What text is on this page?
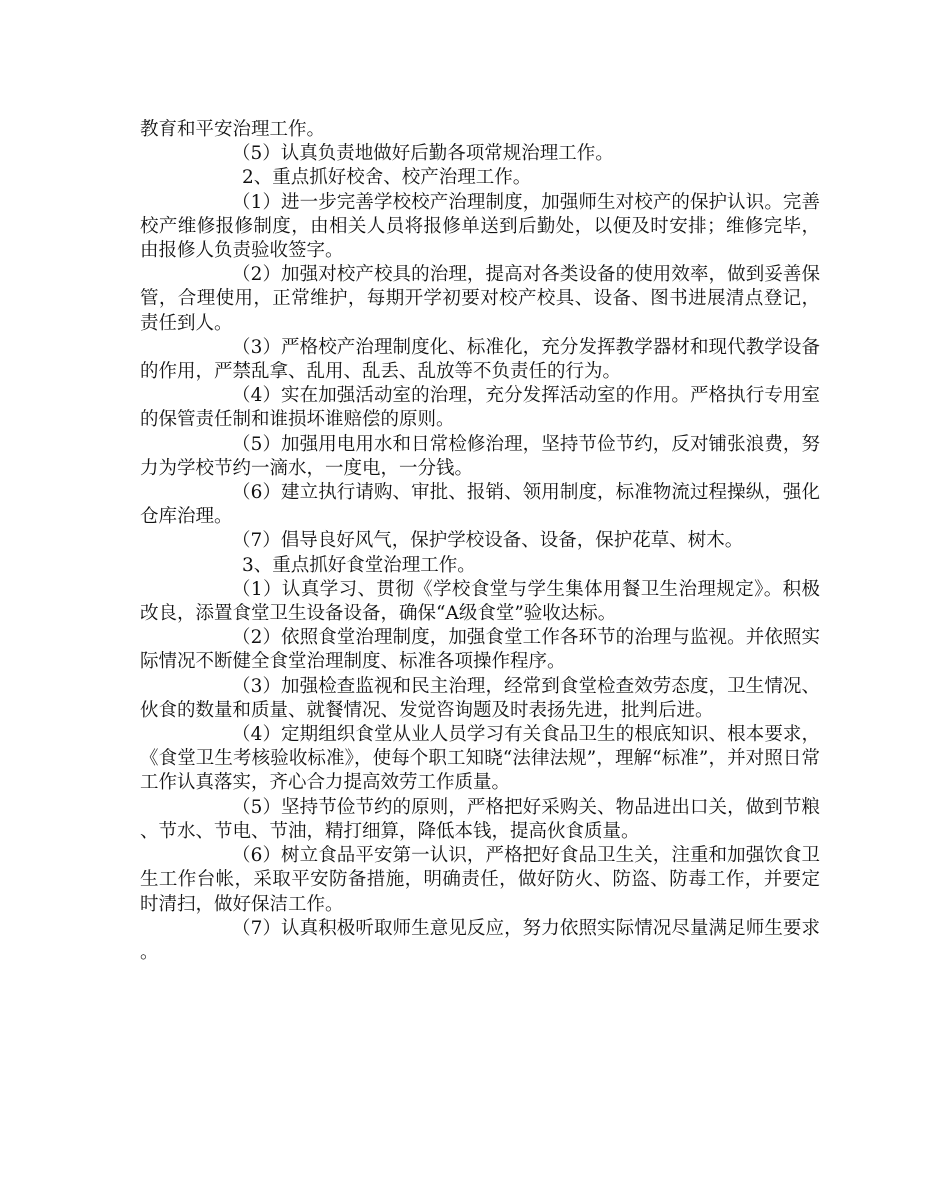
教育和平安治理工作。

（5）认真负责地做好后勤各项常规治理工作。

2、重点抓好校舍、校产治理工作。

（1）进一步完善学校校产治理制度，加强师生对校产的保护认识。完善校产维修报修制度，由相关人员将报修单送到后勤处，以便及时安排；维修完毕，由报修人负责验收签字。

（2）加强对校产校具的治理，提高对各类设备的使用效率，做到妥善保管，合理使用，正常维护，每期开学初要对校产校具、设备、图书进展清点登记，责任到人。

（3）严格校产治理制度化、标准化，充分发挥教学器材和现代教学设备的作用，严禁乱拿、乱用、乱丢、乱放等不负责任的行为。

（4）实在加强活动室的治理，充分发挥活动室的作用。严格执行专用室的保管责任制和谁损坏谁赔偿的原则。

（5）加强用电用水和日常检修治理，坚持节俭节约，反对铺张浪费，努力为学校节约一滴水，一度电，一分钱。

（6）建立执行请购、审批、报销、领用制度，标准物流过程操纵，强化仓库治理。

（7）倡导良好风气，保护学校设备、设备，保护花草、树木。

3、重点抓好食堂治理工作。

（1）认真学习、贯彻《学校食堂与学生集体用餐卫生治理规定》。积极改良，添置食堂卫生设备设备，确保“A级食堂”验收达标。

（2）依照食堂治理制度，加强食堂工作各环节的治理与监视。并依照实际情况不断健全食堂治理制度、标准各项操作程序。

（3）加强检查监视和民主治理，经常到食堂检查效劳态度，卫生情况、伙食的数量和质量、就餐情况、发觉咨询题及时表扬先进，批判后进。

（4）定期组织食堂从业人员学习有关食品卫生的根底知识、根本要求，《食堂卫生考核验收标准》，使每个职工知晓“法律法规”，理解“标准”，并对照日常工作认真落实，齐心合力提高效劳工作质量。

（5）坚持节俭节约的原则，严格把好采购关、物品进出口关，做到节粮、节水、节电、节油，精打细算，降低本钱，提高伙食质量。

（6）树立食品平安第一认识，严格把好食品卫生关，注重和加强饮食卫生工作台帐，采取平安防备措施，明确责任，做好防火、防盗、防毒工作，并要定时清扫，做好保洁工作。

（7）认真积极听取师生意见反应，努力依照实际情况尽量满足师生要求。
